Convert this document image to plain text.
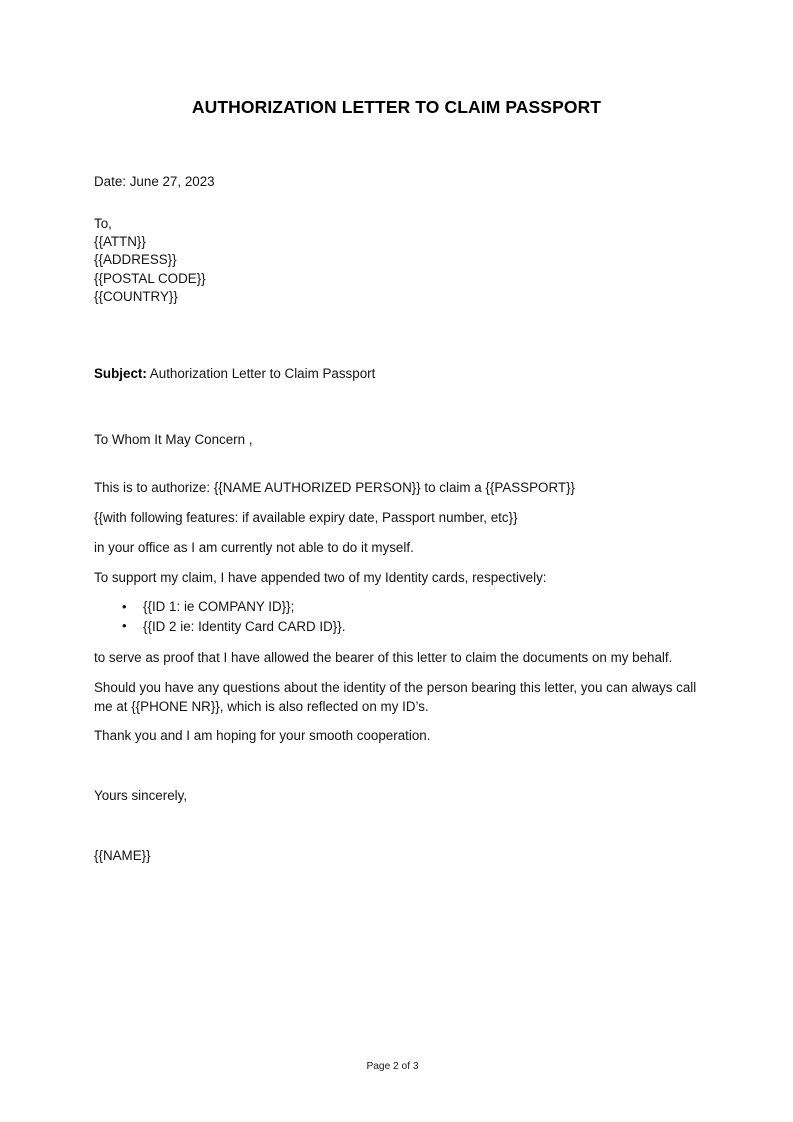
AUTHORIZATION LETTER TO CLAIM PASSPORT

Date: June 27, 2023

To,
{{ATTN}}
{{ADDRESS}}
{{POSTAL CODE}}
{{COUNTRY}}

Subject: Authorization Letter to Claim Passport

To Whom It May Concern ,

This is to authorize: {{NAME AUTHORIZED PERSON}} to claim a {{PASSPORT}}

{{with following features: if available expiry date, Passport number, etc}}

in your office as I am currently not able to do it myself.

To support my claim, I have appended two of my Identity cards, respectively:

• {{ID 1: ie COMPANY ID}};
• {{ID 2 ie: Identity Card CARD ID}}.

to serve as proof that I have allowed the bearer of this letter to claim the documents on my behalf.

Should you have any questions about the identity of the person bearing this letter, you can always call me at {{PHONE NR}}, which is also reflected on my ID’s.

Thank you and I am hoping for your smooth cooperation.

Yours sincerely,

{{NAME}}

Page 2 of 3
